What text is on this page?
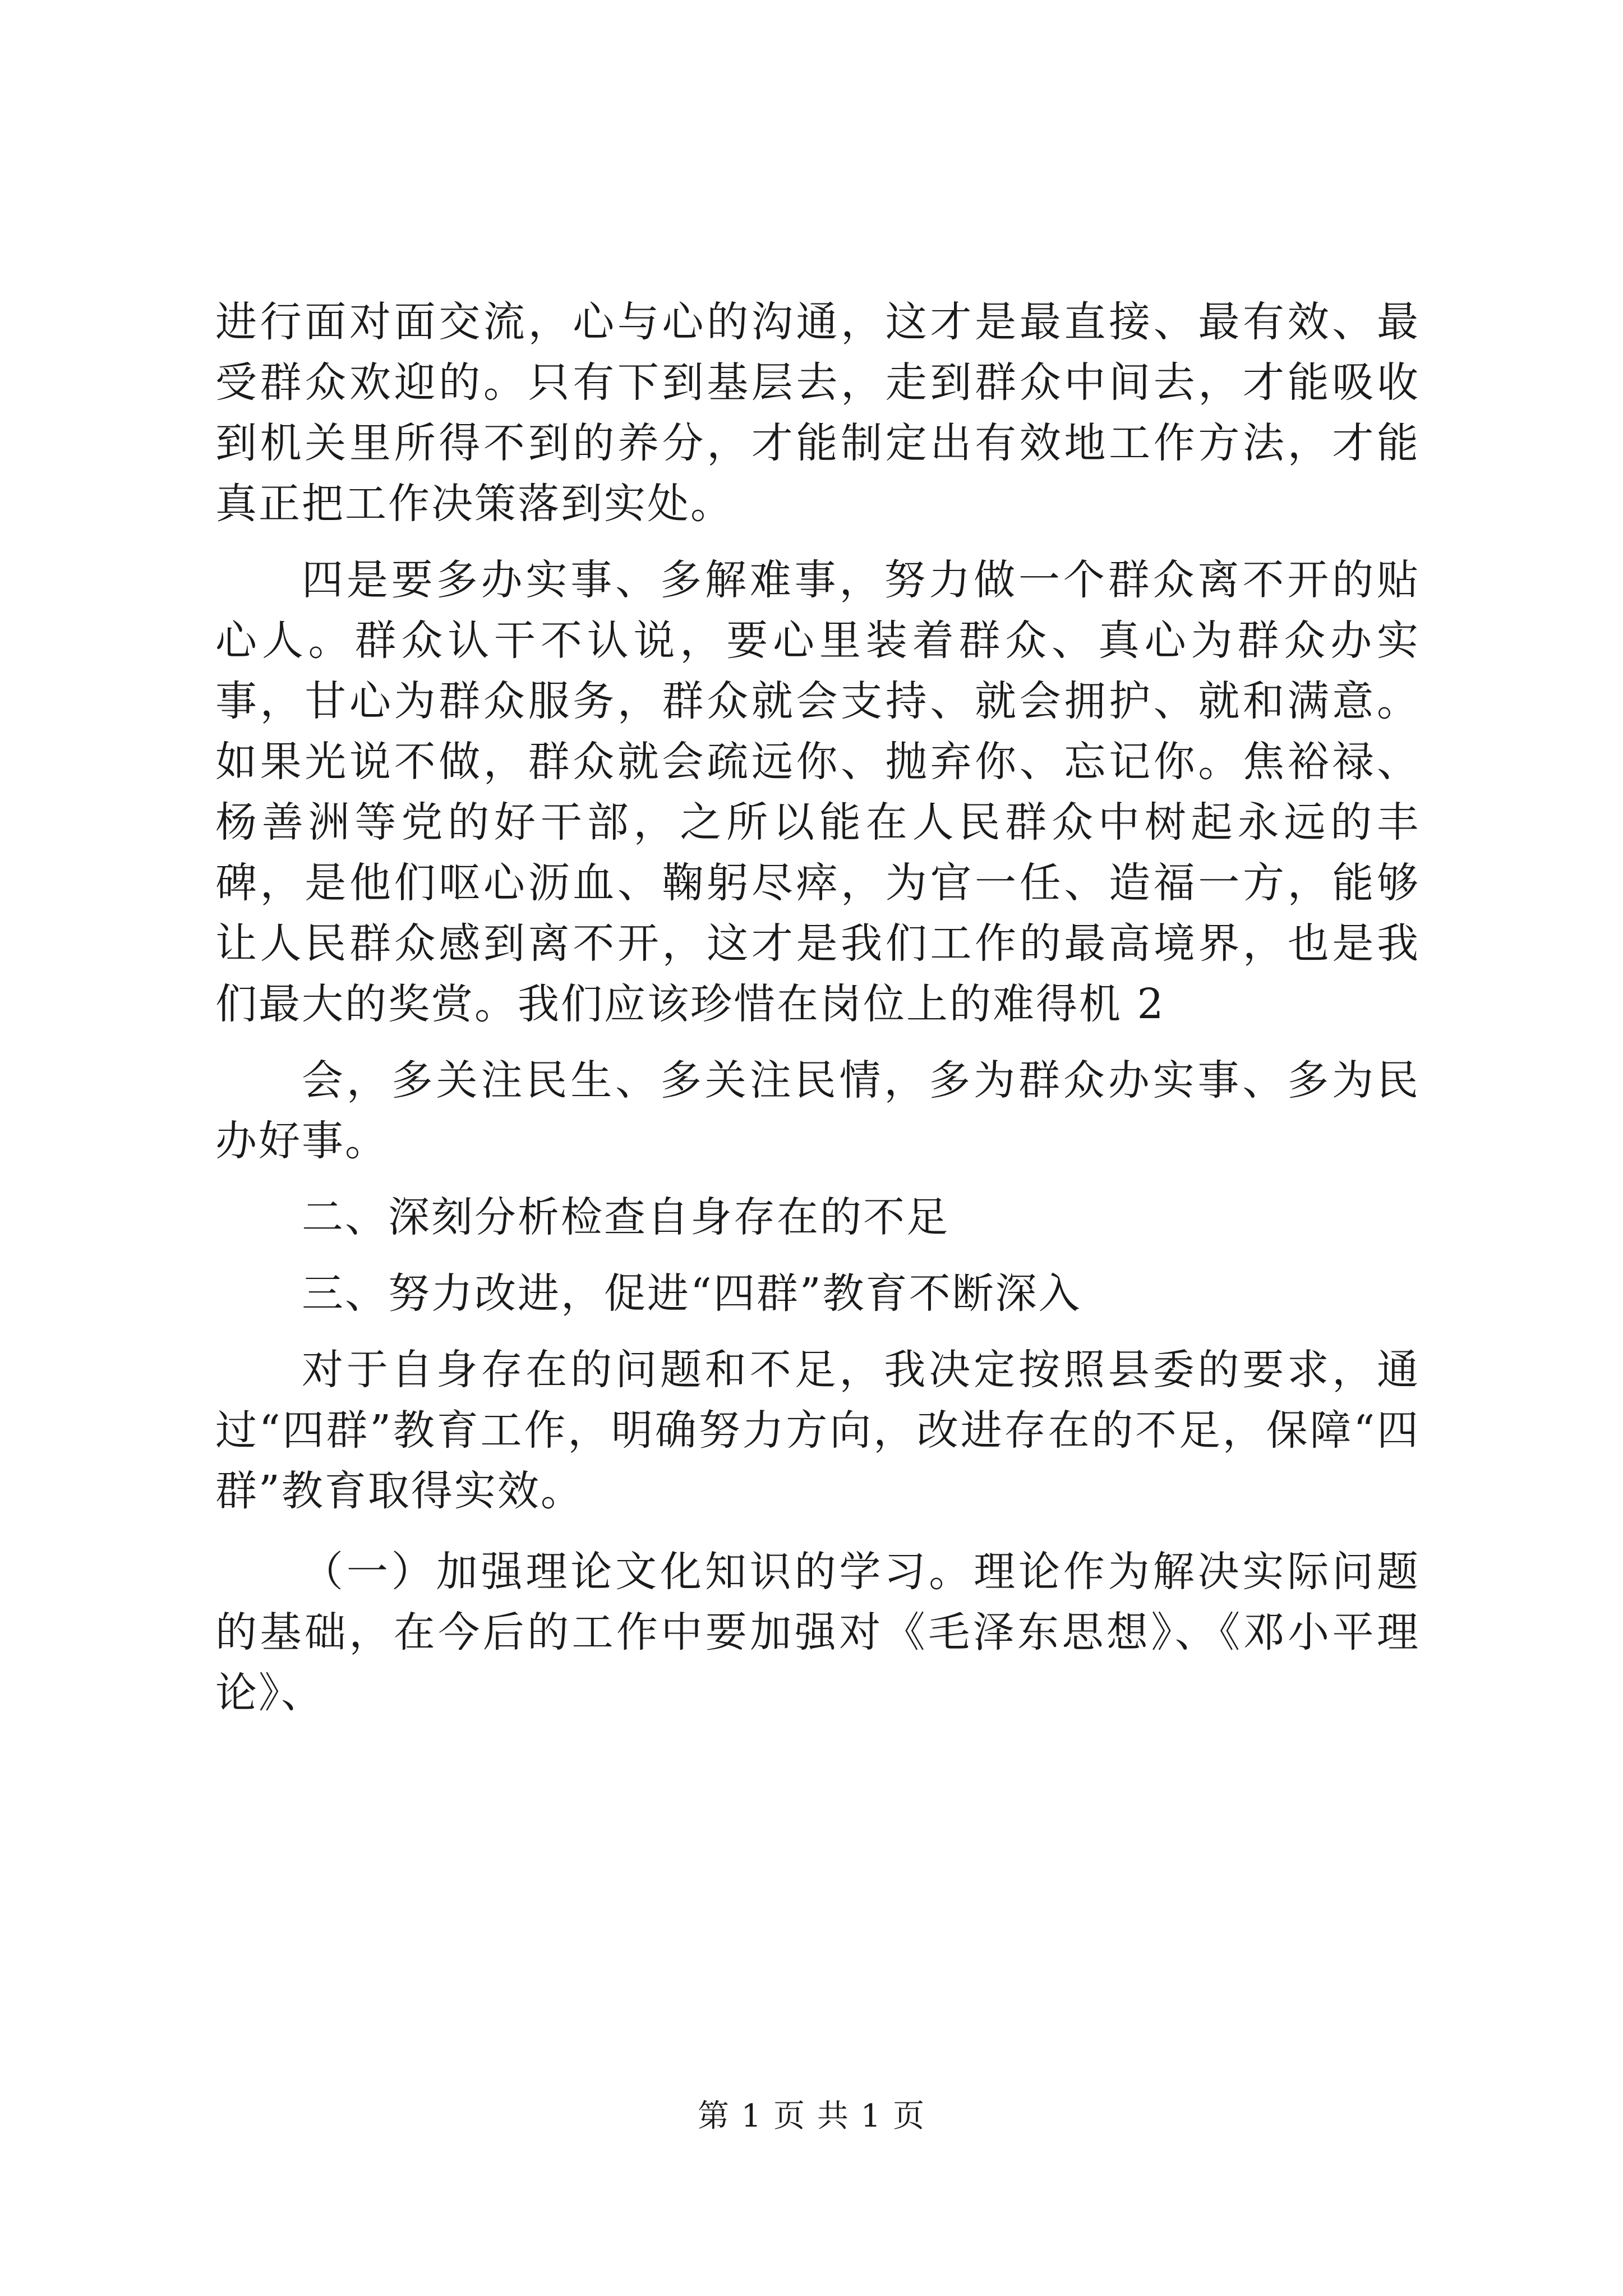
进行面对面交流，心与心的沟通，这才是最直接、最有效、最受群众欢迎的。只有下到基层去，走到群众中间去，才能吸收到机关里所得不到的养分，才能制定出有效地工作方法，才能真正把工作决策落到实处。

四是要多办实事、多解难事，努力做一个群众离不开的贴心人。群众认干不认说，要心里装着群众、真心为群众办实事，甘心为群众服务，群众就会支持、就会拥护、就和满意。如果光说不做，群众就会疏远你、抛弃你、忘记你。焦裕禄、杨善洲等党的好干部，之所以能在人民群众中树起永远的丰碑，是他们呕心沥血、鞠躬尽瘁，为官一任、造福一方，能够让人民群众感到离不开，这才是我们工作的最高境界，也是我们最大的奖赏。我们应该珍惜在岗位上的难得机 2

会，多关注民生、多关注民情，多为群众办实事、多为民办好事。

二、深刻分析检查自身存在的不足

三、努力改进，促进“四群”教育不断深入

对于自身存在的问题和不足，我决定按照县委的要求，通过“四群”教育工作，明确努力方向，改进存在的不足，保障“四群”教育取得实效。

（一）加强理论文化知识的学习。理论作为解决实际问题的基础，在今后的工作中要加强对《毛泽东思想》、《邓小平理论》、

第 1 页 共 1 页
